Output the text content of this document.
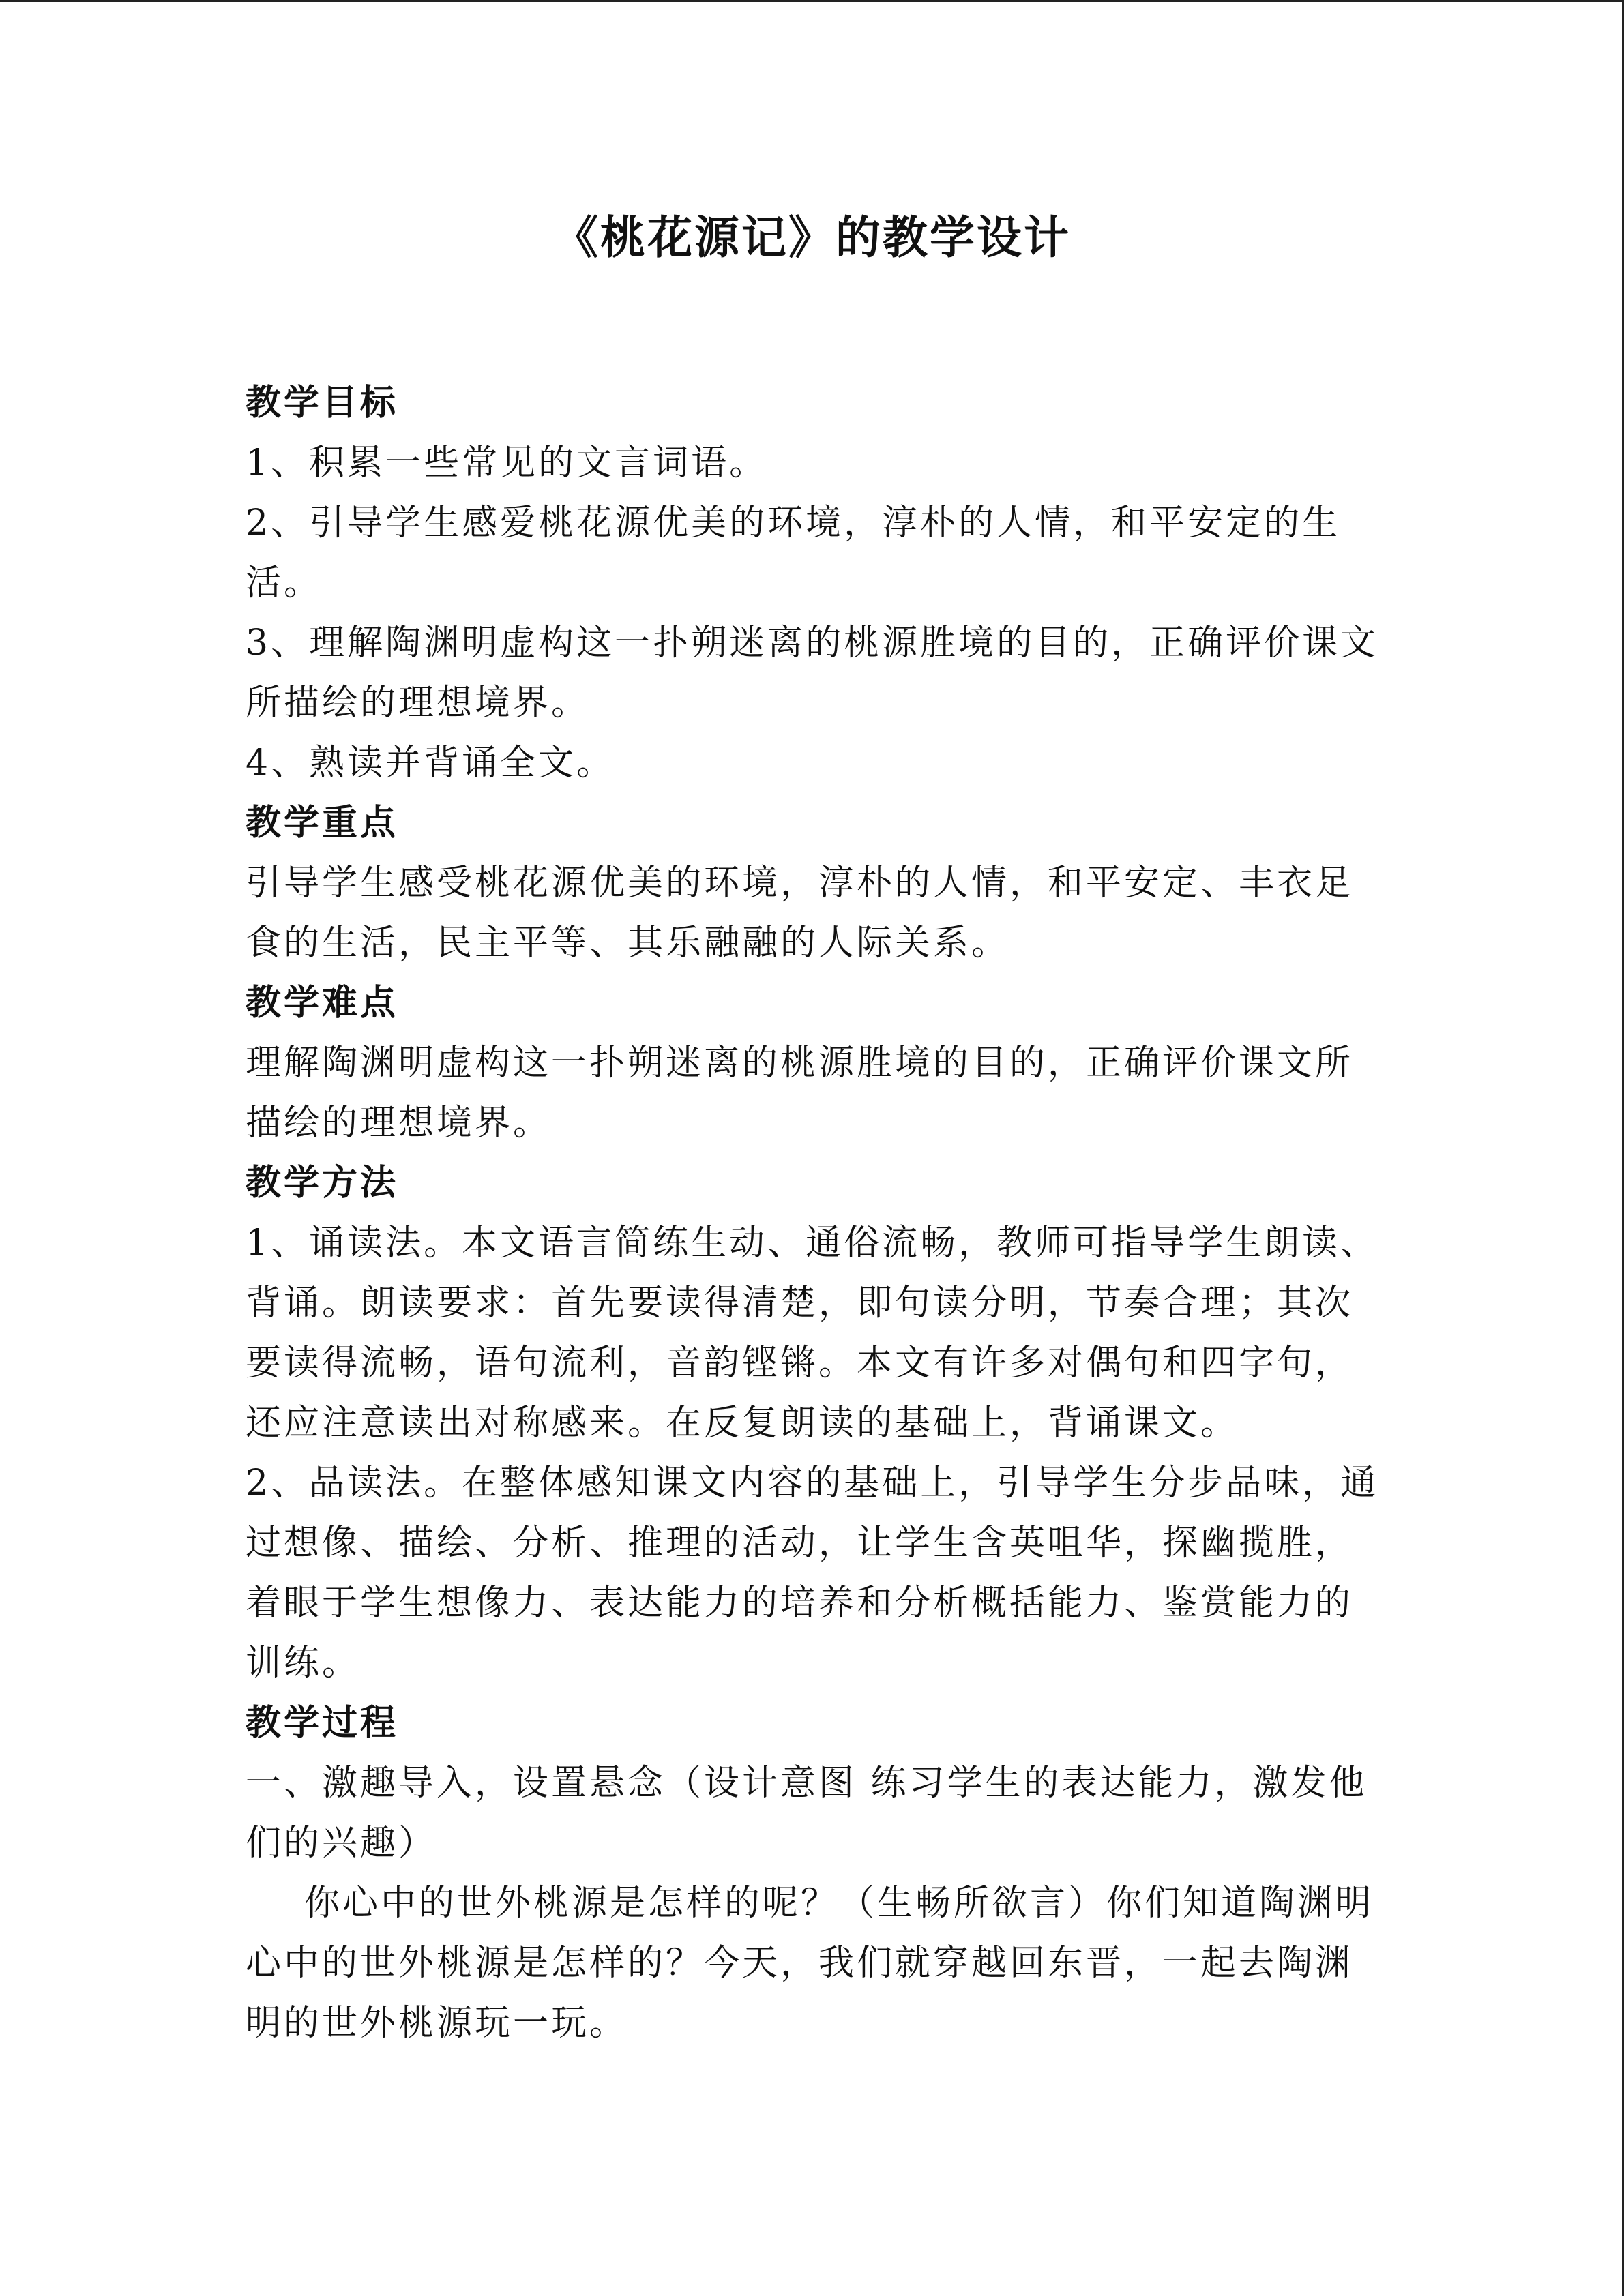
《桃花源记》的教学设计
教学目标
1、积累一些常见的文言词语。
2、引导学生感爱桃花源优美的环境，淳朴的人情，和平安定的生
活。
3、理解陶渊明虚构这一扑朔迷离的桃源胜境的目的，正确评价课文
所描绘的理想境界。
4、熟读并背诵全文。
教学重点
引导学生感受桃花源优美的环境，淳朴的人情，和平安定、丰衣足
食的生活，民主平等、其乐融融的人际关系。
教学难点
理解陶渊明虚构这一扑朔迷离的桃源胜境的目的，正确评价课文所
描绘的理想境界。
教学方法
1、诵读法。本文语言简练生动、通俗流畅，教师可指导学生朗读、
背诵。朗读要求：首先要读得清楚，即句读分明，节奏合理；其次
要读得流畅，语句流利，音韵铿锵。本文有许多对偶句和四字句，
还应注意读出对称感来。在反复朗读的基础上，背诵课文。
2、品读法。在整体感知课文内容的基础上，引导学生分步品味，通
过想像、描绘、分析、推理的活动，让学生含英咀华，探幽揽胜，
着眼于学生想像力、表达能力的培养和分析概括能力、鉴赏能力的
训练。
教学过程
一、激趣导入，设置悬念（设计意图 练习学生的表达能力，激发他
们的兴趣）
你心中的世外桃源是怎样的呢？（生畅所欲言）你们知道陶渊明
心中的世外桃源是怎样的？今天，我们就穿越回东晋，一起去陶渊
明的世外桃源玩一玩。
